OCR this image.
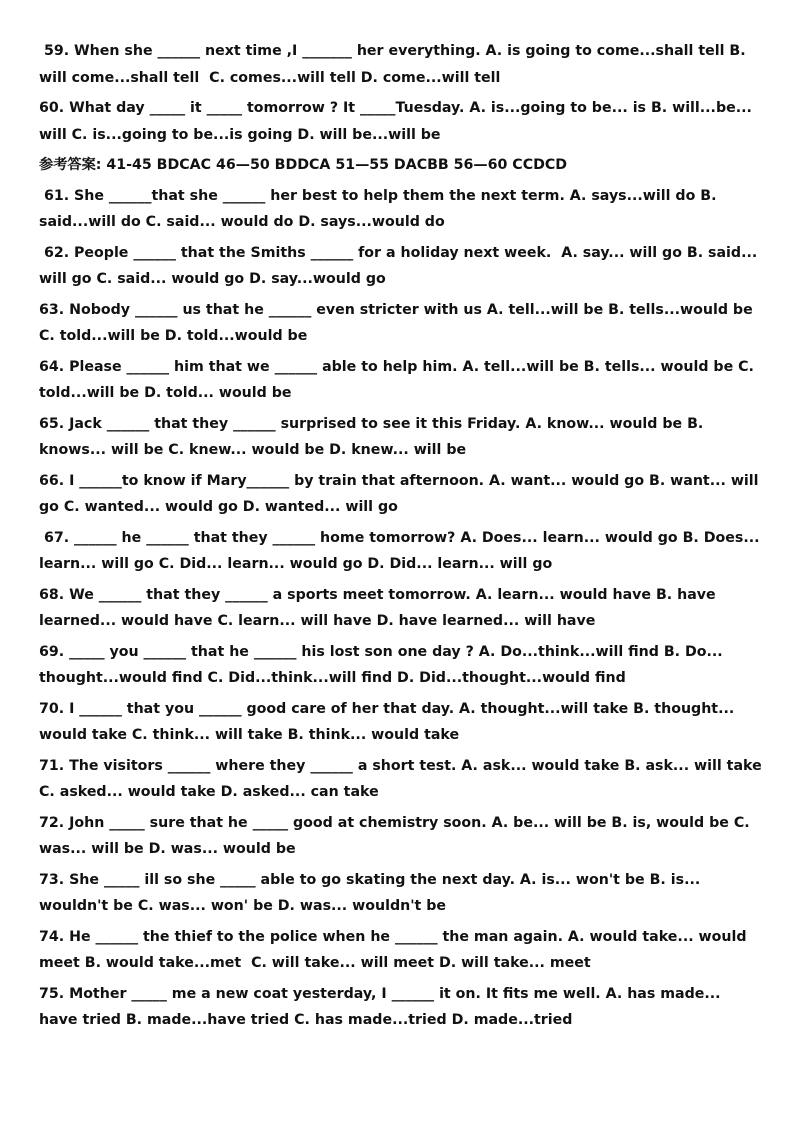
59. When she ______ next time ,I _______ her everything. A. is going to come...shall tell B. will come...shall tell  C. comes...will tell D. come...will tell

60. What day _____ it _____ tomorrow ? It _____Tuesday. A. is...going to be... is B. will...be... will C. is...going to be...is going D. will be...will be

参考答案: 41-45 BDCAC 46—50 BDDCA 51—55 DACBB 56—60 CCDCD

61. She ______that she ______ her best to help them the next term. A. says...will do B. said...will do C. said... would do D. says...would do

62. People ______ that the Smiths ______ for a holiday next week.  A. say... will go B. said... will go C. said... would go D. say...would go

63. Nobody ______ us that he ______ even stricter with us A. tell...will be B. tells...would be C. told...will be D. told...would be

64. Please ______ him that we ______ able to help him. A. tell...will be B. tells... would be C. told...will be D. told... would be

65. Jack ______ that they ______ surprised to see it this Friday. A. know... would be B. knows... will be C. knew... would be D. knew... will be

66. I ______to know if Mary______ by train that afternoon. A. want... would go B. want... will go C. wanted... would go D. wanted... will go

67. ______ he ______ that they ______ home tomorrow? A. Does... learn... would go B. Does... learn... will go C. Did... learn... would go D. Did... learn... will go

68. We ______ that they ______ a sports meet tomorrow. A. learn... would have B. have learned... would have C. learn... will have D. have learned... will have

69. _____ you ______ that he ______ his lost son one day ? A. Do...think...will find B. Do... thought...would find C. Did...think...will find D. Did...thought...would find

70. I ______ that you ______ good care of her that day. A. thought...will take B. thought... would take C. think... will take B. think... would take

71. The visitors ______ where they ______ a short test. A. ask... would take B. ask... will take C. asked... would take D. asked... can take

72. John _____ sure that he _____ good at chemistry soon. A. be... will be B. is, would be C. was... will be D. was... would be

73. She _____ ill so she _____ able to go skating the next day. A. is... won't be B. is... wouldn't be C. was... won' be D. was... wouldn't be

74. He ______ the thief to the police when he ______ the man again. A. would take... would meet B. would take...met  C. will take... will meet D. will take... meet

75. Mother _____ me a new coat yesterday, I ______ it on. It fits me well. A. has made... have tried B. made...have tried C. has made...tried D. made...tried
